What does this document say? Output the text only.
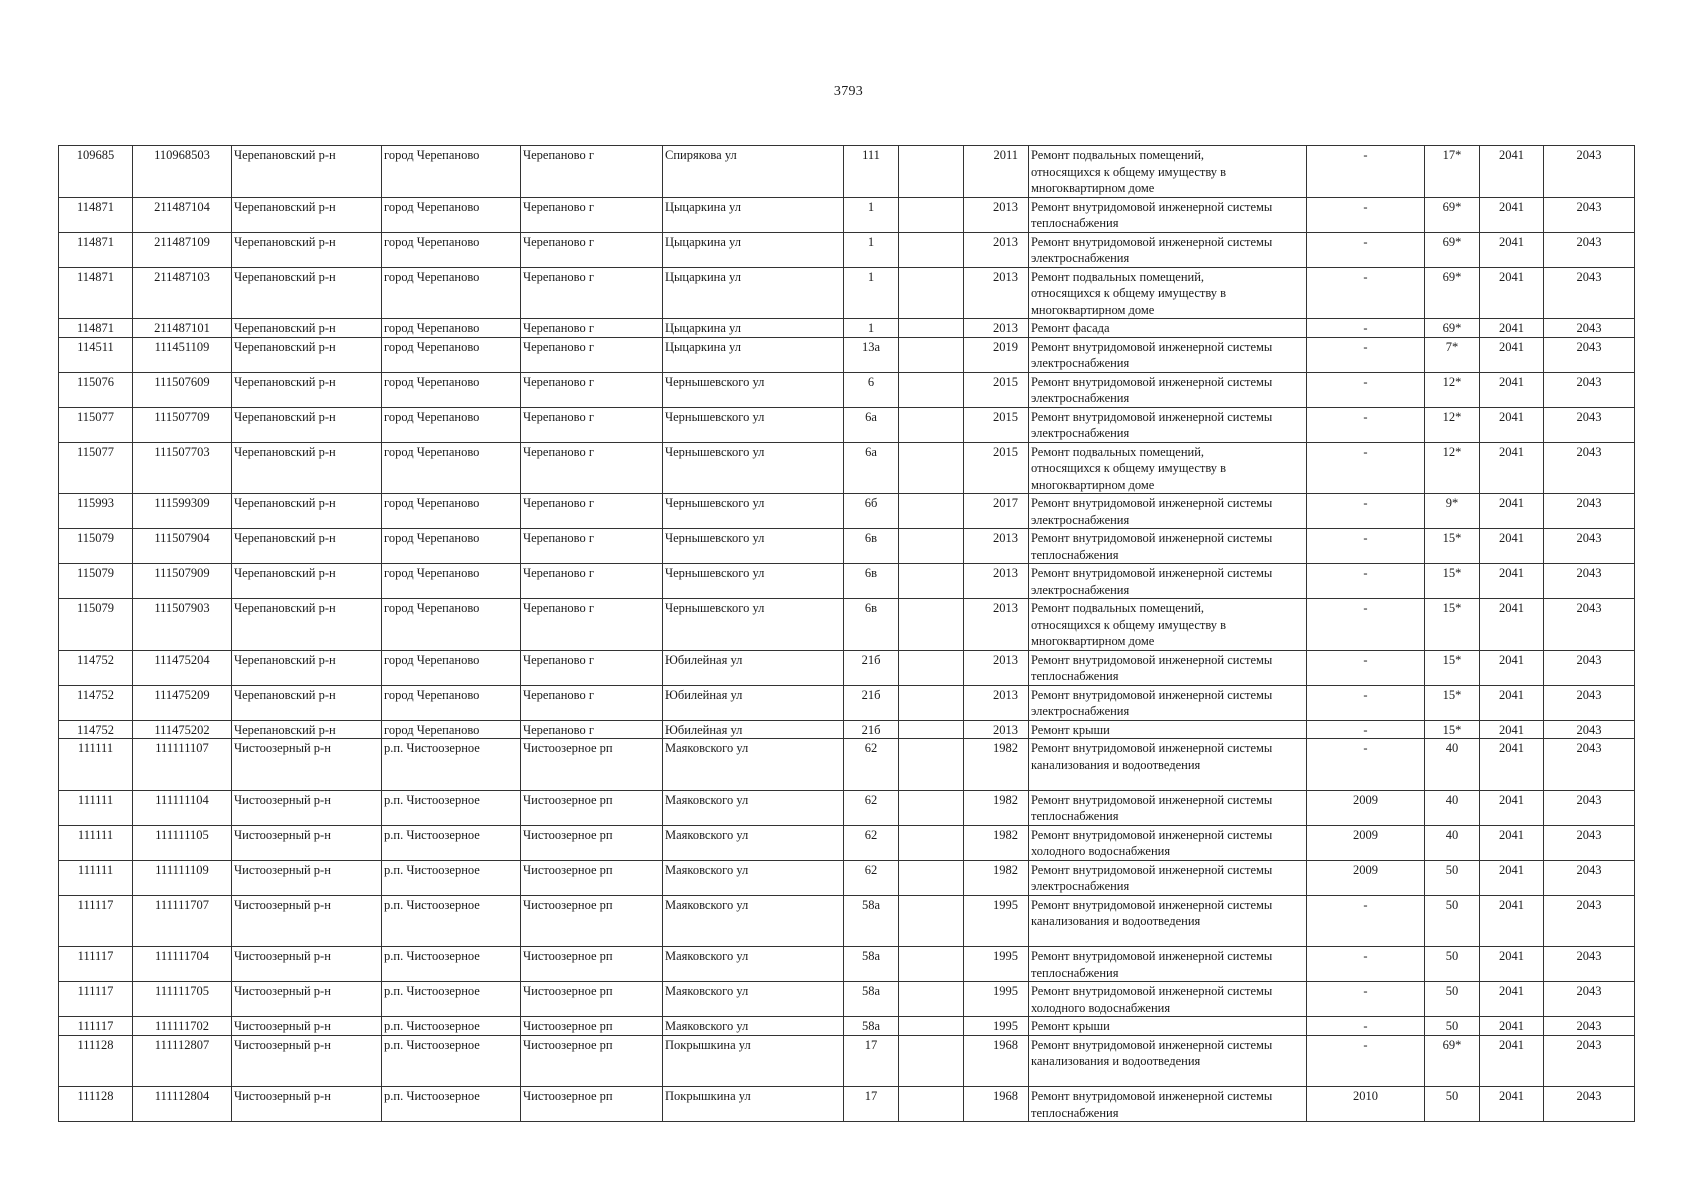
3793
109685	110968503	Черепановский р-н	город Черепаново	Черепаново г	Спирякова ул	111		2011	Ремонт подвальных помещений,
относящихся к общему имуществу в
многоквартирном доме	-	17*	2041	2043
114871	211487104	Черепановский р-н	город Черепаново	Черепаново г	Цыцаркина ул	1		2013	Ремонт внутридомовой инженерной системы
теплоснабжения	-	69*	2041	2043
114871	211487109	Черепановский р-н	город Черепаново	Черепаново г	Цыцаркина ул	1		2013	Ремонт внутридомовой инженерной системы
электроснабжения	-	69*	2041	2043
114871	211487103	Черепановский р-н	город Черепаново	Черепаново г	Цыцаркина ул	1		2013	Ремонт подвальных помещений,
относящихся к общему имуществу в
многоквартирном доме	-	69*	2041	2043
114871	211487101	Черепановский р-н	город Черепаново	Черепаново г	Цыцаркина ул	1		2013	Ремонт фасада	-	69*	2041	2043
114511	111451109	Черепановский р-н	город Черепаново	Черепаново г	Цыцаркина ул	13а		2019	Ремонт внутридомовой инженерной системы
электроснабжения	-	7*	2041	2043
115076	111507609	Черепановский р-н	город Черепаново	Черепаново г	Чернышевского ул	6		2015	Ремонт внутридомовой инженерной системы
электроснабжения	-	12*	2041	2043
115077	111507709	Черепановский р-н	город Черепаново	Черепаново г	Чернышевского ул	6а		2015	Ремонт внутридомовой инженерной системы
электроснабжения	-	12*	2041	2043
115077	111507703	Черепановский р-н	город Черепаново	Черепаново г	Чернышевского ул	6а		2015	Ремонт подвальных помещений,
относящихся к общему имуществу в
многоквартирном доме	-	12*	2041	2043
115993	111599309	Черепановский р-н	город Черепаново	Черепаново г	Чернышевского ул	6б		2017	Ремонт внутридомовой инженерной системы
электроснабжения	-	9*	2041	2043
115079	111507904	Черепановский р-н	город Черепаново	Черепаново г	Чернышевского ул	6в		2013	Ремонт внутридомовой инженерной системы
теплоснабжения	-	15*	2041	2043
115079	111507909	Черепановский р-н	город Черепаново	Черепаново г	Чернышевского ул	6в		2013	Ремонт внутридомовой инженерной системы
электроснабжения	-	15*	2041	2043
115079	111507903	Черепановский р-н	город Черепаново	Черепаново г	Чернышевского ул	6в		2013	Ремонт подвальных помещений,
относящихся к общему имуществу в
многоквартирном доме	-	15*	2041	2043
114752	111475204	Черепановский р-н	город Черепаново	Черепаново г	Юбилейная ул	21б		2013	Ремонт внутридомовой инженерной системы
теплоснабжения	-	15*	2041	2043
114752	111475209	Черепановский р-н	город Черепаново	Черепаново г	Юбилейная ул	21б		2013	Ремонт внутридомовой инженерной системы
электроснабжения	-	15*	2041	2043
114752	111475202	Черепановский р-н	город Черепаново	Черепаново г	Юбилейная ул	21б		2013	Ремонт крыши	-	15*	2041	2043
111111	111111107	Чистоозерный р-н	р.п. Чистоозерное	Чистоозерное рп	Маяковского ул	62		1982	Ремонт внутридомовой инженерной системы
канализования и водоотведения	-	40	2041	2043
111111	111111104	Чистоозерный р-н	р.п. Чистоозерное	Чистоозерное рп	Маяковского ул	62		1982	Ремонт внутридомовой инженерной системы
теплоснабжения	2009	40	2041	2043
111111	111111105	Чистоозерный р-н	р.п. Чистоозерное	Чистоозерное рп	Маяковского ул	62		1982	Ремонт внутридомовой инженерной системы
холодного водоснабжения	2009	40	2041	2043
111111	111111109	Чистоозерный р-н	р.п. Чистоозерное	Чистоозерное рп	Маяковского ул	62		1982	Ремонт внутридомовой инженерной системы
электроснабжения	2009	50	2041	2043
111117	111111707	Чистоозерный р-н	р.п. Чистоозерное	Чистоозерное рп	Маяковского ул	58а		1995	Ремонт внутридомовой инженерной системы
канализования и водоотведения	-	50	2041	2043
111117	111111704	Чистоозерный р-н	р.п. Чистоозерное	Чистоозерное рп	Маяковского ул	58а		1995	Ремонт внутридомовой инженерной системы
теплоснабжения	-	50	2041	2043
111117	111111705	Чистоозерный р-н	р.п. Чистоозерное	Чистоозерное рп	Маяковского ул	58а		1995	Ремонт внутридомовой инженерной системы
холодного водоснабжения	-	50	2041	2043
111117	111111702	Чистоозерный р-н	р.п. Чистоозерное	Чистоозерное рп	Маяковского ул	58а		1995	Ремонт крыши	-	50	2041	2043
111128	111112807	Чистоозерный р-н	р.п. Чистоозерное	Чистоозерное рп	Покрышкина ул	17		1968	Ремонт внутридомовой инженерной системы
канализования и водоотведения	-	69*	2041	2043
111128	111112804	Чистоозерный р-н	р.п. Чистоозерное	Чистоозерное рп	Покрышкина ул	17		1968	Ремонт внутридомовой инженерной системы
теплоснабжения	2010	50	2041	2043
